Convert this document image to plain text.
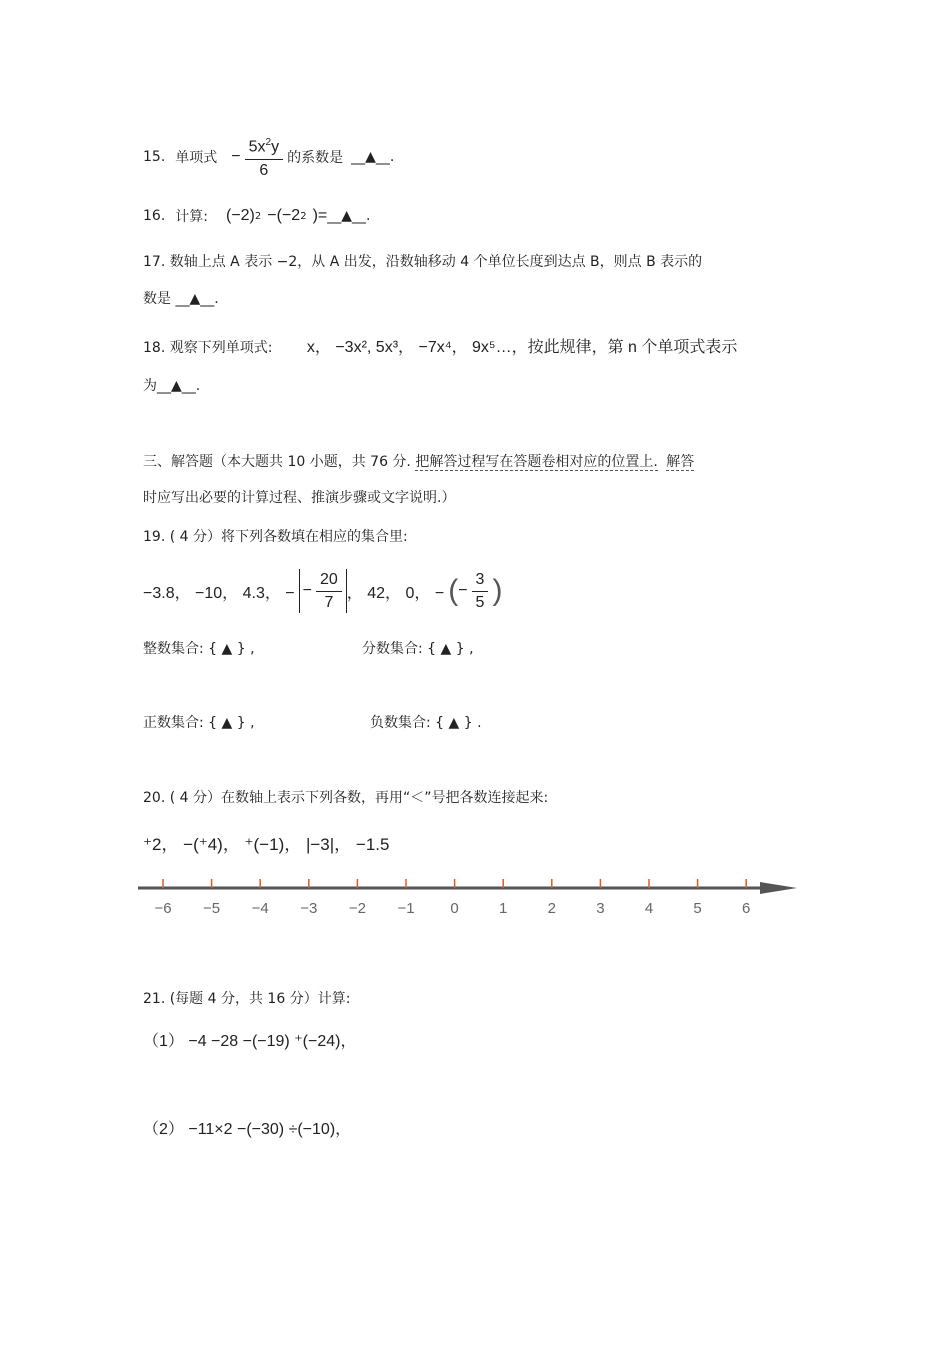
15. 单项式 − $\frac{5x^2y}{6}$ 的系数是 __▲__.
16. 计算: (−2) 2 −(−2 2 )= __▲__.
17. 数轴上点 A 表示 −2，从 A 出发，沿数轴移动 4 个单位长度到达点 B，则点 B 表示的
数是 __▲__.
18. 观察下列单项式: x， −3x², 5x³， −7x⁴， 9x⁵…，按此规律，第 n 个单项式表示
为__▲__.
三、解答题（本大题共 10 小题，共 76 分. 把解答过程写在答题卷相对应的位置上. 解答
时应写出必要的计算过程、推演步骤或文字说明.）
19. ( 4 分）将下列各数填在相应的集合里:
−3.8， −10， 4.3， − − $\frac{20}{7}$ ， 42， 0， − ( − $\frac{3}{5}$ )
整数集合: { ▲ } ,	分数集合: { ▲ } ,
正数集合: { ▲ } ,	负数集合: { ▲ } .
20. ( 4 分）在数轴上表示下列各数，再用“＜”号把各数连接起来:
⁺2， −(⁺4)， ⁺(−1)， |−3|， −1.5
−6 −5 −4 −3 −2 −1 0	1	2	3	4	5	6
21. (每题 4 分，共 16 分）计算:
（1） −4 −28 −(−19) ⁺(−24)，
（2） −11×2 −(−30) ÷(−10)，
